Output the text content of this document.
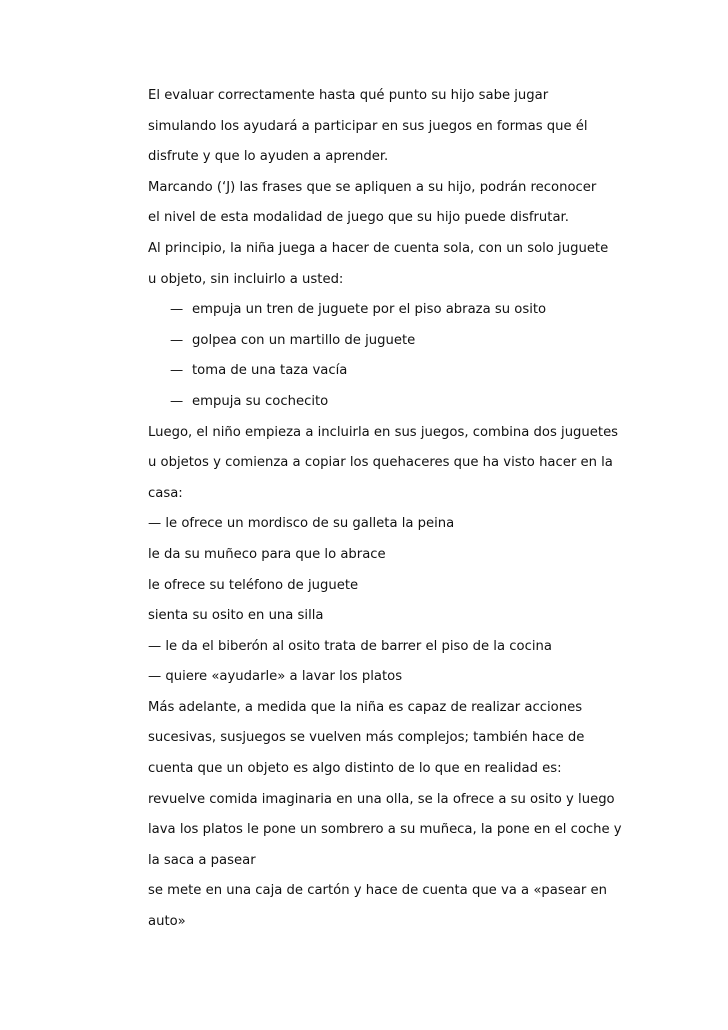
El evaluar correctamente hasta qué punto su hijo sabe jugar
simulando los ayudará a participar en sus juegos en formas que él
disfrute y que lo ayuden a aprender.
Marcando (‘J) las frases que se apliquen a su hijo, podrán reconocer
el nivel de esta modalidad de juego que su hijo puede disfrutar.
Al principio, la niña juega a hacer de cuenta sola, con un solo juguete
u objeto, sin incluirlo a usted:
— empuja un tren de juguete por el piso abraza su osito
— golpea con un martillo de juguete
— toma de una taza vacía
— empuja su cochecito
Luego, el niño empieza a incluirla en sus juegos, combina dos juguetes
u objetos y comienza a copiar los quehaceres que ha visto hacer en la
casa:
— le ofrece un mordisco de su galleta la peina
le da su muñeco para que lo abrace
le ofrece su teléfono de juguete
sienta su osito en una silla
— le da el biberón al osito trata de barrer el piso de la cocina
— quiere «ayudarle» a lavar los platos
Más adelante, a medida que la niña es capaz de realizar acciones
sucesivas, susjuegos se vuelven más complejos; también hace de
cuenta que un objeto es algo distinto de lo que en realidad es:
revuelve comida imaginaria en una olla, se la ofrece a su osito y luego
lava los platos le pone un sombrero a su muñeca, la pone en el coche y
la saca a pasear
se mete en una caja de cartón y hace de cuenta que va a «pasear en
auto»
